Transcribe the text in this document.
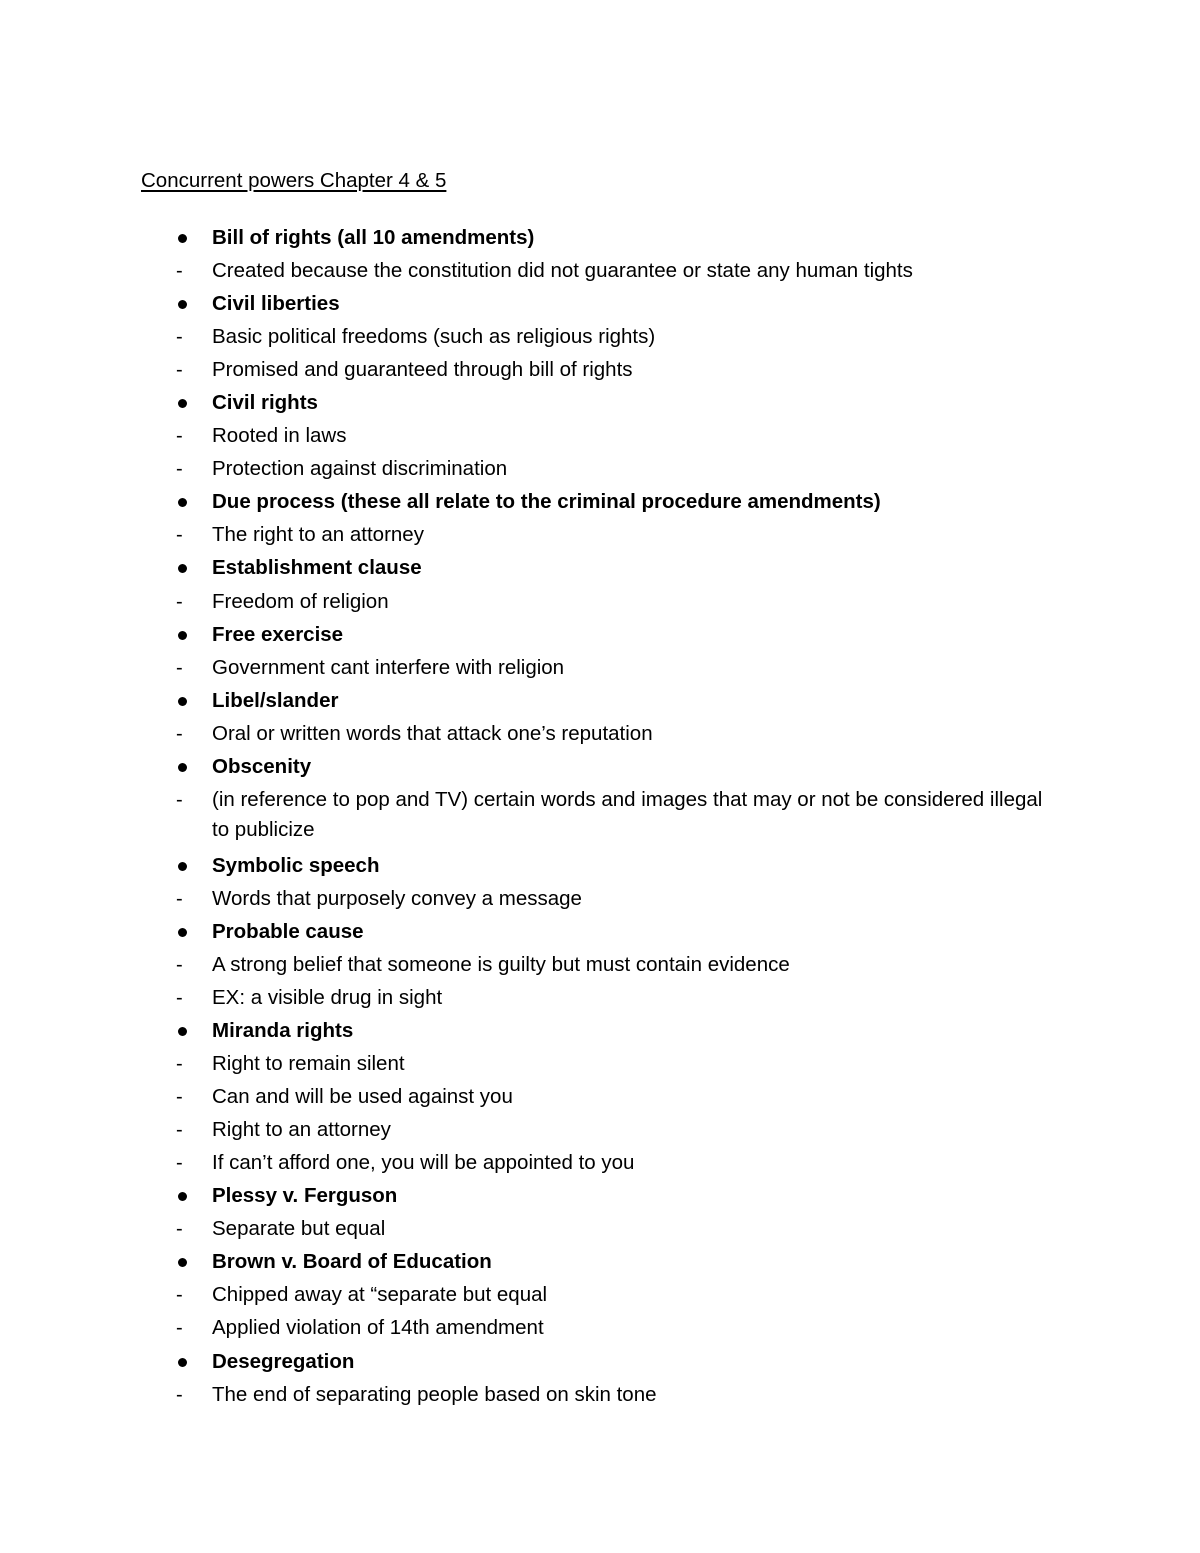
Concurrent powers Chapter 4 & 5
Bill of rights (all 10 amendments)
- Created because the constitution did not guarantee or state any human tights
Civil liberties
- Basic political freedoms (such as religious rights)
- Promised and guaranteed through bill of rights
Civil rights
- Rooted in laws
- Protection against discrimination
Due process (these all relate to the criminal procedure amendments)
- The right to an attorney
Establishment clause
- Freedom of religion
Free exercise
- Government cant interfere with religion
Libel/slander
- Oral or written words that attack one’s reputation
Obscenity
- (in reference to pop and TV) certain words and images that may or not be considered illegal to publicize
Symbolic speech
- Words that purposely convey a message
Probable cause
- A strong belief that someone is guilty but must contain evidence
- EX: a visible drug in sight
Miranda rights
- Right to remain silent
- Can and will be used against you
- Right to an attorney
- If can’t afford one, you will be appointed to you
Plessy v. Ferguson
- Separate but equal
Brown v. Board of Education
- Chipped away at “separate but equal
- Applied violation of 14th amendment
Desegregation
- The end of separating people based on skin tone
